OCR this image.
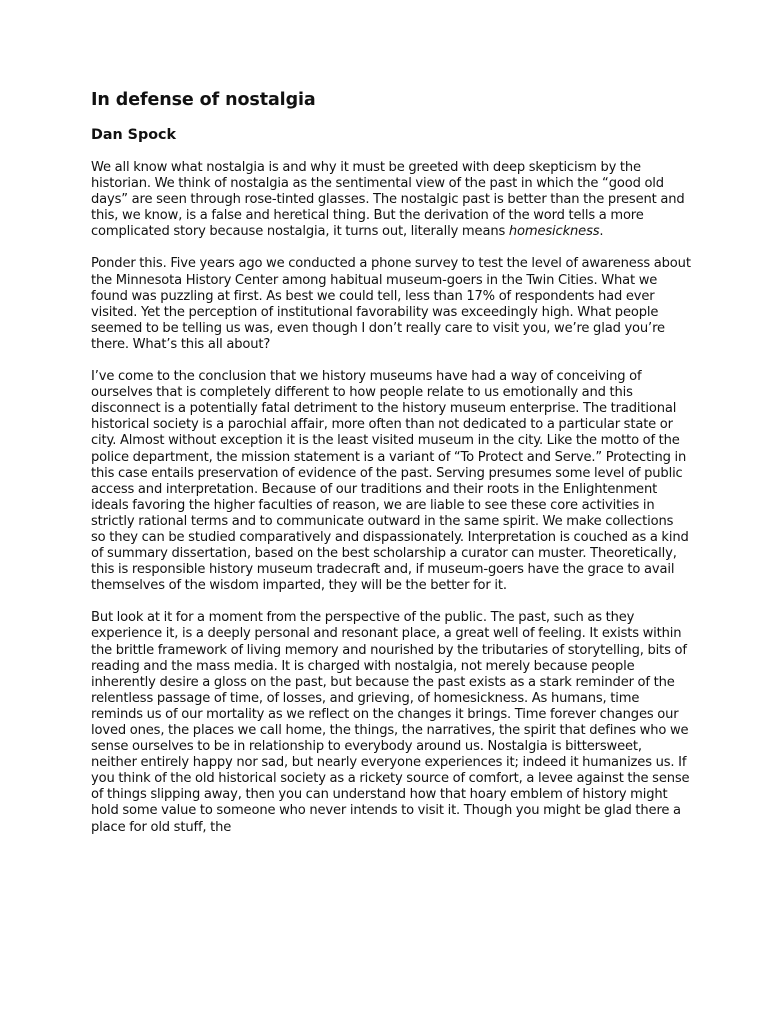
In defense of nostalgia
Dan Spock

We all know what nostalgia is and why it must be greeted with deep skepticism by the historian. We think of nostalgia as the sentimental view of the past in which the “good old days” are seen through rose-tinted glasses. The nostalgic past is better than the present and this, we know, is a false and heretical thing. But the derivation of the word tells a more complicated story because nostalgia, it turns out, literally means homesickness.

Ponder this. Five years ago we conducted a phone survey to test the level of awareness about the Minnesota History Center among habitual museum-goers in the Twin Cities. What we found was puzzling at first. As best we could tell, less than 17% of respondents had ever visited. Yet the perception of institutional favorability was exceedingly high. What people seemed to be telling us was, even though I don’t really care to visit you, we’re glad you’re there. What’s this all about?

I’ve come to the conclusion that we history museums have had a way of conceiving of ourselves that is completely different to how people relate to us emotionally and this disconnect is a potentially fatal detriment to the history museum enterprise. The traditional historical society is a parochial affair, more often than not dedicated to a particular state or city. Almost without exception it is the least visited museum in the city. Like the motto of the police department, the mission statement is a variant of “To Protect and Serve.” Protecting in this case entails preservation of evidence of the past. Serving presumes some level of public access and interpretation. Because of our traditions and their roots in the Enlightenment ideals favoring the higher faculties of reason, we are liable to see these core activities in strictly rational terms and to communicate outward in the same spirit. We make collections so they can be studied comparatively and dispassionately. Interpretation is couched as a kind of summary dissertation, based on the best scholarship a curator can muster. Theoretically, this is responsible history museum tradecraft and, if museum-goers have the grace to avail themselves of the wisdom imparted, they will be the better for it.

But look at it for a moment from the perspective of the public. The past, such as they experience it, is a deeply personal and resonant place, a great well of feeling. It exists within the brittle framework of living memory and nourished by the tributaries of storytelling, bits of reading and the mass media. It is charged with nostalgia, not merely because people inherently desire a gloss on the past, but because the past exists as a stark reminder of the relentless passage of time, of losses, and grieving, of homesickness. As humans, time reminds us of our mortality as we reflect on the changes it brings. Time forever changes our loved ones, the places we call home, the things, the narratives, the spirit that defines who we sense ourselves to be in relationship to everybody around us. Nostalgia is bittersweet, neither entirely happy nor sad, but nearly everyone experiences it; indeed it humanizes us. If you think of the old historical society as a rickety source of comfort, a levee against the sense of things slipping away, then you can understand how that hoary emblem of history might hold some value to someone who never intends to visit it. Though you might be glad there a place for old stuff, the
